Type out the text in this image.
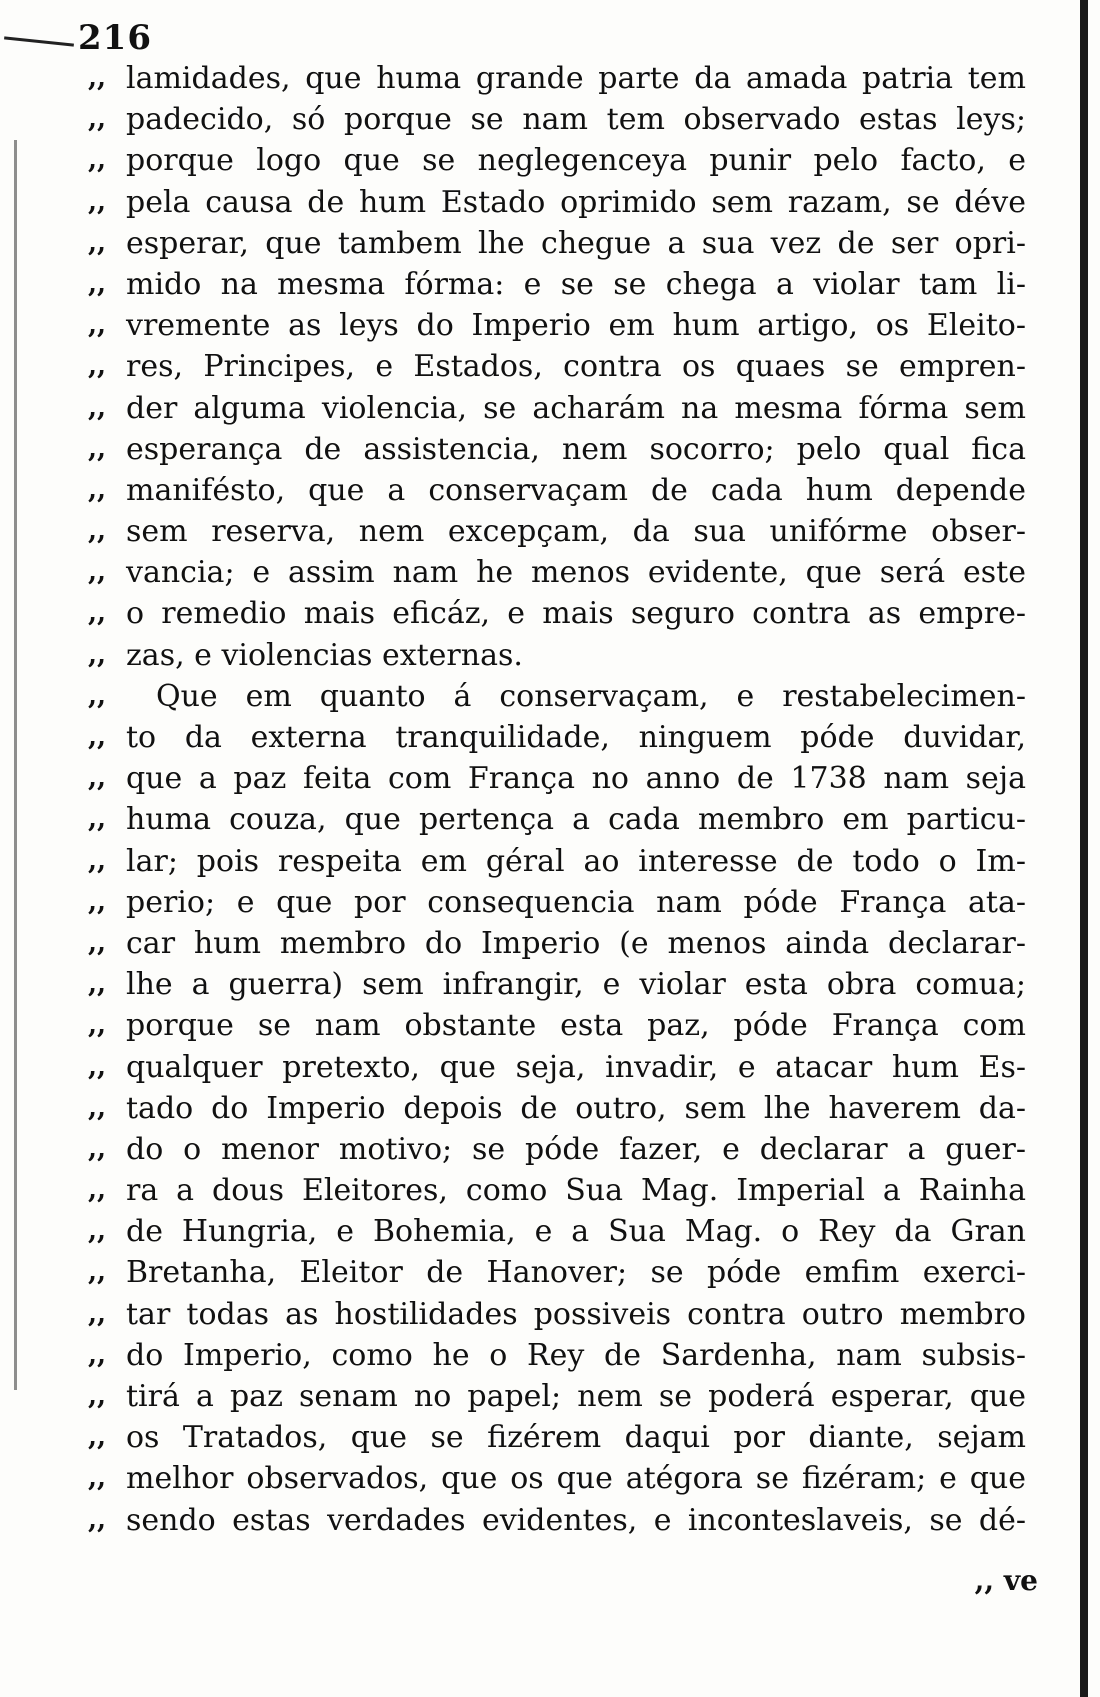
216
,, lamidades, que huma grande parte da amada patria tem
,, padecido, só porque se nam tem observado estas leys;
,, porque logo que se neglegenceya punir pelo facto, e
,, pela causa de hum Estado oprimido sem razam, se déve
,, esperar, que tambem lhe chegue a sua vez de ser opri-
,, mido na mesma fórma: e se se chega a violar tam li-
,, vremente as leys do Imperio em hum artigo, os Eleito-
,, res, Principes, e Estados, contra os quaes se empren-
,, der alguma violencia, se acharám na mesma fórma sem
,, esperança de assistencia, nem socorro; pelo qual fica
,, manifésto, que a conservaçam de cada hum depende
,, sem reserva, nem excepçam, da sua unifórme obser-
,, vancia; e assim nam he menos evidente, que será este
,, o remedio mais eficáz, e mais seguro contra as empre-
,, zas, e violencias externas.
,, Que em quanto á conservaçam, e restabelecimen-
,, to da externa tranquilidade, ninguem póde duvidar,
,, que a paz feita com França no anno de 1738 nam seja
,, huma couza, que pertença a cada membro em particu-
,, lar; pois respeita em géral ao interesse de todo o Im-
,, perio; e que por consequencia nam póde França ata-
,, car hum membro do Imperio (e menos ainda declarar-
,, lhe a guerra) sem infrangir, e violar esta obra comua;
,, porque se nam obstante esta paz, póde França com
,, qualquer pretexto, que seja, invadir, e atacar hum Es-
,, tado do Imperio depois de outro, sem lhe haverem da-
,, do o menor motivo; se póde fazer, e declarar a guer-
,, ra a dous Eleitores, como Sua Mag. Imperial a Rainha
,, de Hungria, e Bohemia, e a Sua Mag. o Rey da Gran
,, Bretanha, Eleitor de Hanover; se póde emfim exerci-
,, tar todas as hostilidades possiveis contra outro membro
,, do Imperio, como he o Rey de Sardenha, nam subsis-
,, tirá a paz senam no papel; nem se poderá esperar, que
,, os Tratados, que se fizérem daqui por diante, sejam
,, melhor observados, que os que atégora se fizéram; e que
,, sendo estas verdades evidentes, e inconteslaveis, se dé-
,, ve
